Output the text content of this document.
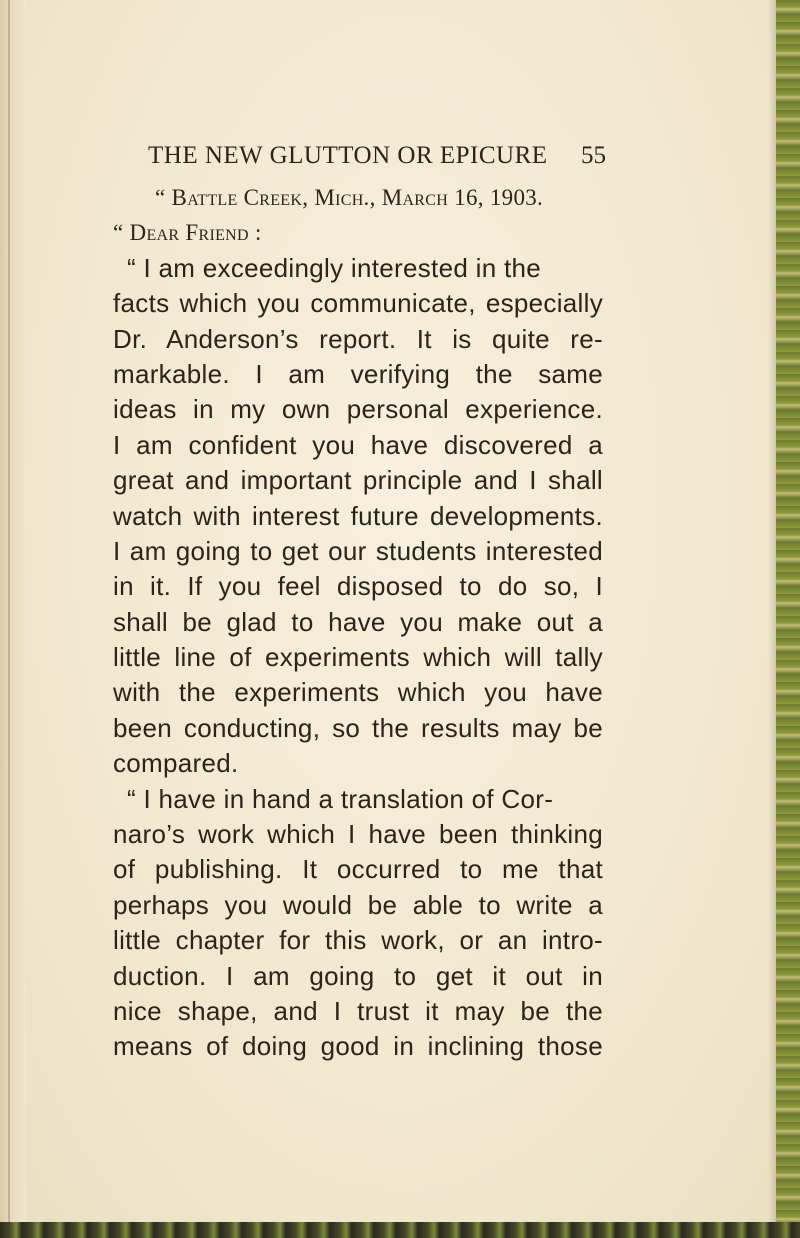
THE NEW GLUTTON OR EPICURE 55
“ Battle Creek, Mich., March 16, 1903.
“ Dear Friend :
“ I am exceedingly interested in the
facts which you communicate, especially
Dr. Anderson’s report. It is quite re-
markable. I am verifying the same
ideas in my own personal experience.
I am confident you have discovered a
great and important principle and I shall
watch with interest future developments.
I am going to get our students interested
in it. If you feel disposed to do so, I
shall be glad to have you make out a
little line of experiments which will tally
with the experiments which you have
been conducting, so the results may be
compared.
“ I have in hand a translation of Cor-
naro’s work which I have been thinking
of publishing. It occurred to me that
perhaps you would be able to write a
little chapter for this work, or an intro-
duction. I am going to get it out in
nice shape, and I trust it may be the
means of doing good in inclining those
